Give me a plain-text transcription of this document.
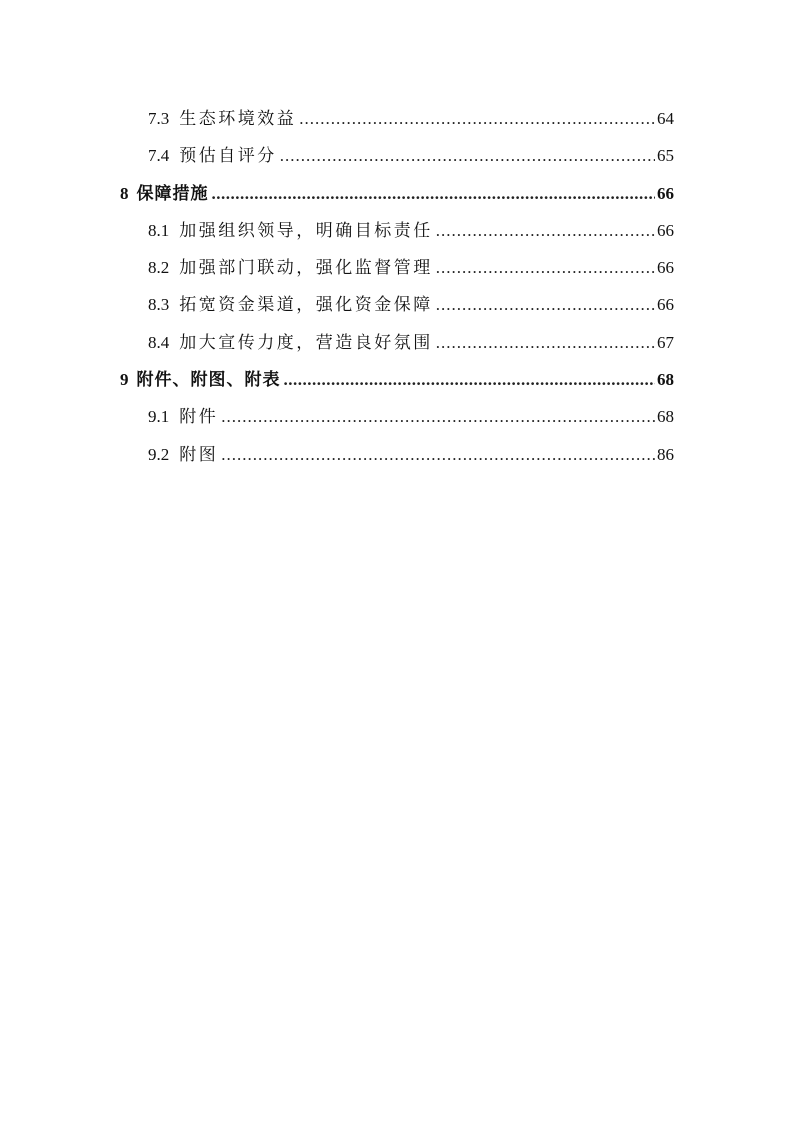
7.3 生态环境效益 .....	64
7.4 预估自评分 .....	65
8 保障措施 .....	66
8.1 加强组织领导，明确目标责任 .....	66
8.2 加强部门联动，强化监督管理 .....	66
8.3 拓宽资金渠道，强化资金保障 .....	66
8.4 加大宣传力度，营造良好氛围 .....	67
9 附件、附图、附表 .....	68
9.1 附件 .....	68
9.2 附图 .....	86
